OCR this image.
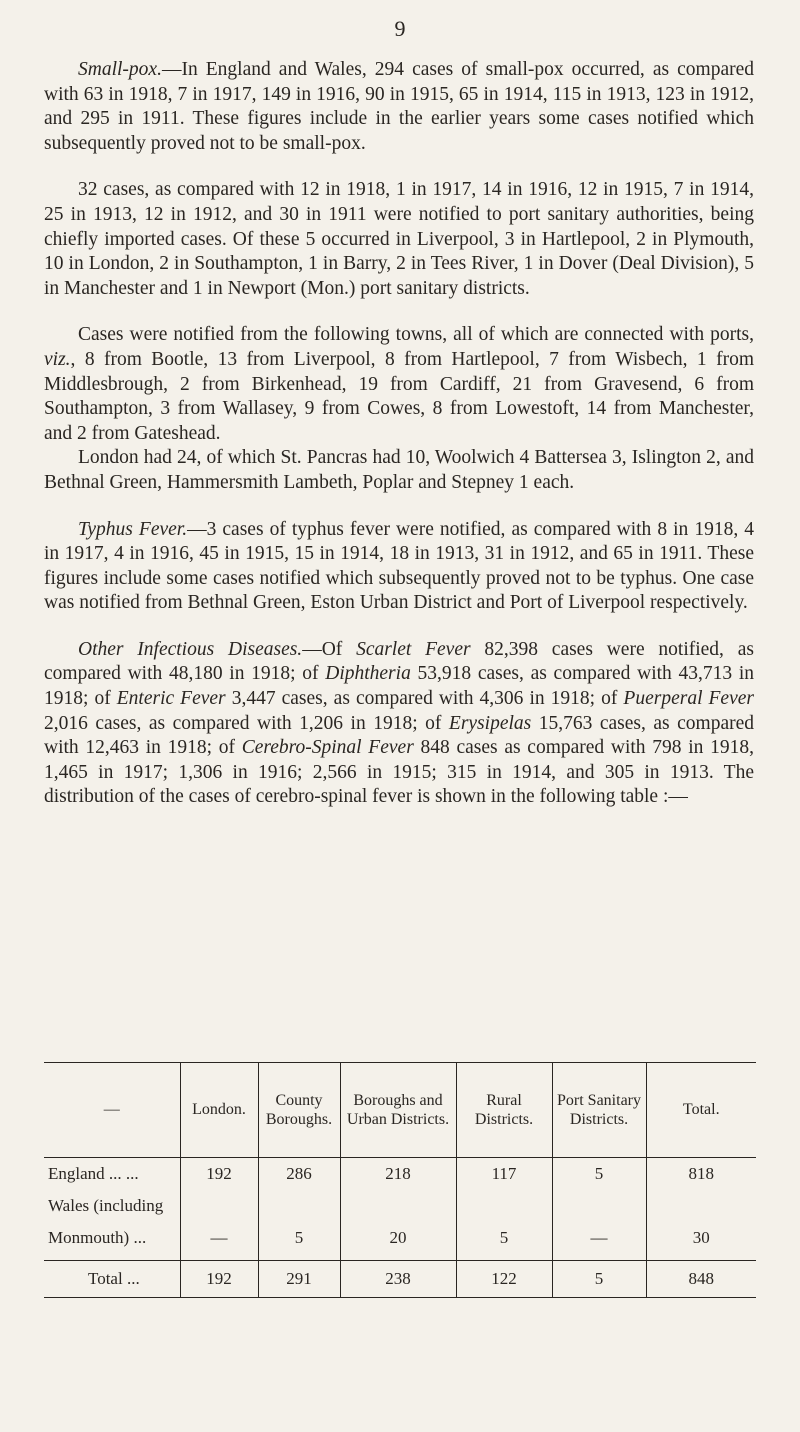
9

Small-pox.—In England and Wales, 294 cases of small-pox occurred, as compared with 63 in 1918, 7 in 1917, 149 in 1916, 90 in 1915, 65 in 1914, 115 in 1913, 123 in 1912, and 295 in 1911. These figures include in the earlier years some cases notified which subsequently proved not to be small-pox.

32 cases, as compared with 12 in 1918, 1 in 1917, 14 in 1916, 12 in 1915, 7 in 1914, 25 in 1913, 12 in 1912, and 30 in 1911 were notified to port sanitary authorities, being chiefly imported cases. Of these 5 occurred in Liverpool, 3 in Hartlepool, 2 in Plymouth, 10 in London, 2 in Southampton, 1 in Barry, 2 in Tees River, 1 in Dover (Deal Division), 5 in Manchester and 1 in Newport (Mon.) port sanitary districts.

Cases were notified from the following towns, all of which are connected with ports, viz., 8 from Bootle, 13 from Liverpool, 8 from Hartlepool, 7 from Wisbech, 1 from Middlesbrough, 2 from Birkenhead, 19 from Cardiff, 21 from Gravesend, 6 from Southampton, 3 from Wallasey, 9 from Cowes, 8 from Lowestoft, 14 from Manchester, and 2 from Gateshead.

London had 24, of which St. Pancras had 10, Woolwich 4 Battersea 3, Islington 2, and Bethnal Green, Hammersmith Lambeth, Poplar and Stepney 1 each.

Typhus Fever.—3 cases of typhus fever were notified, as compared with 8 in 1918, 4 in 1917, 4 in 1916, 45 in 1915, 15 in 1914, 18 in 1913, 31 in 1912, and 65 in 1911. These figures include some cases notified which subsequently proved not to be typhus. One case was notified from Bethnal Green, Eston Urban District and Port of Liverpool respectively.

Other Infectious Diseases.—Of Scarlet Fever 82,398 cases were notified, as compared with 48,180 in 1918; of Diphtheria 53,918 cases, as compared with 43,713 in 1918; of Enteric Fever 3,447 cases, as compared with 4,306 in 1918; of Puerperal Fever 2,016 cases, as compared with 1,206 in 1918; of Erysipelas 15,763 cases, as compared with 12,463 in 1918; of Cerebro-Spinal Fever 848 cases as compared with 798 in 1918, 1,465 in 1917; 1,306 in 1916; 2,566 in 1915; 315 in 1914, and 305 in 1913. The distribution of the cases of cerebro-spinal fever is shown in the following table :—

—	London.	County Boroughs.	Boroughs and Urban Districts.	Rural Districts.	Port Sanitary Districts.	Total.
England ... ...	192	286	218	117	5	818
Wales (including						
Monmouth) ...	—	5	20	5	—	30
Total ...	192	291	238	122	5	848
